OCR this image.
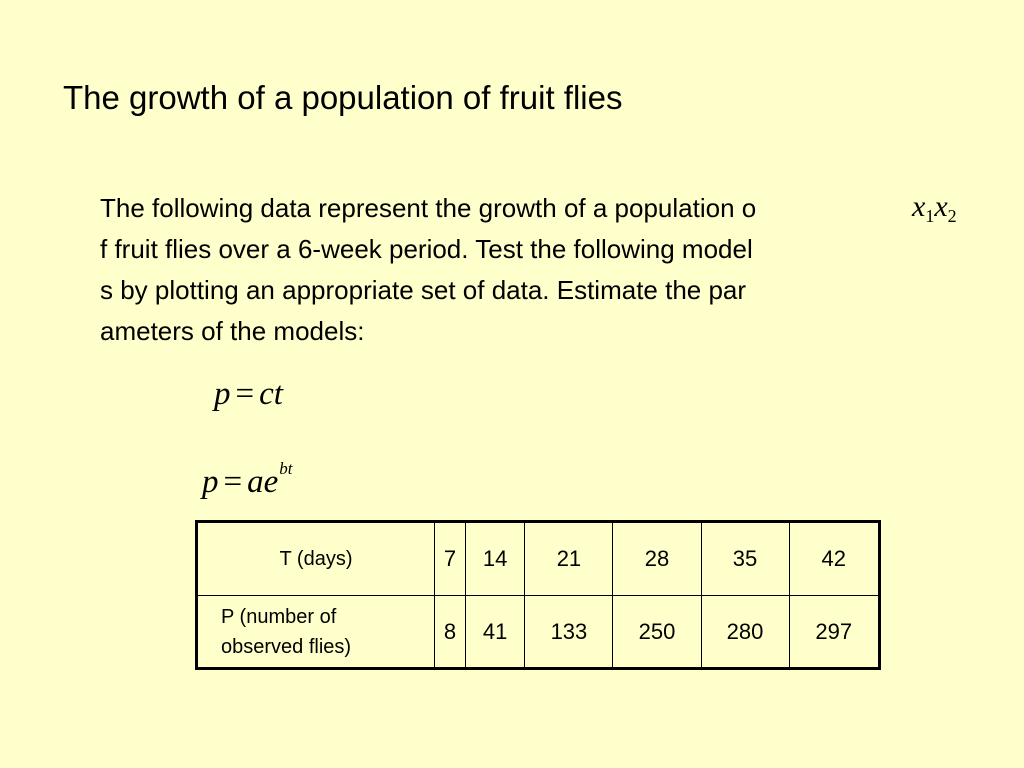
The growth of a population of fruit flies
The following data represent the growth of a population o
f fruit flies over a 6-week period. Test the following model
s by plotting an appropriate set of data. Estimate the par
ameters of the models:
$x_1x_2$
p = ct
$p = ae^{bt}$
T (days)	7	14	21	28	35	42

P (number of
observed flies)	8	41	133	250	280	297
